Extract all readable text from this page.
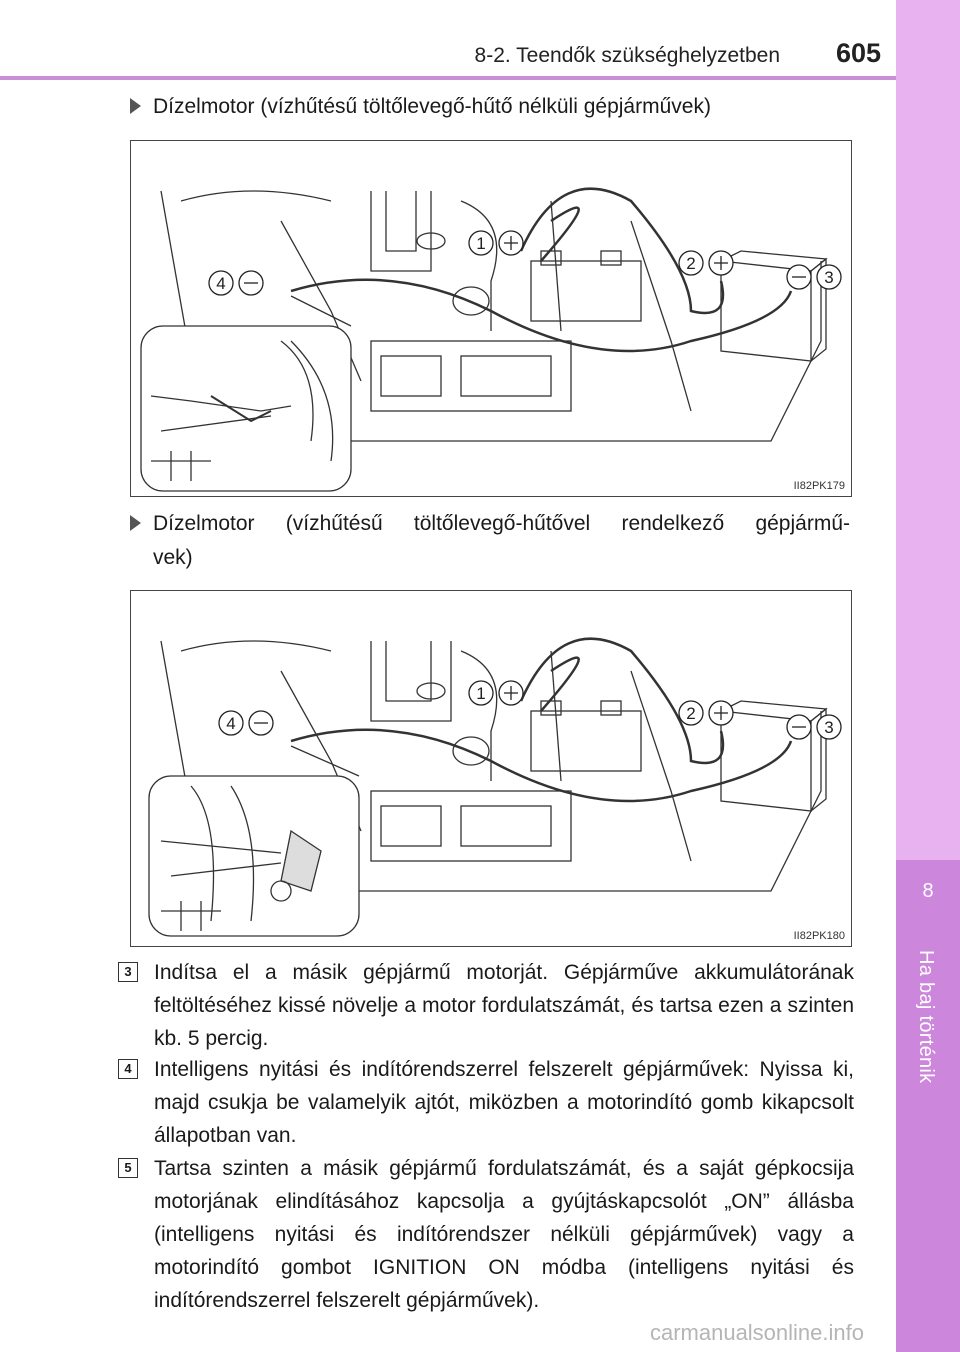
8-2. Teendők szükséghelyzetben 605
8
Ha baj történik
Dízelmotor (vízhűtésű töltőlevegő-hűtő nélküli gépjárművek)
1
2
3
4
II82PK179
Dízelmotor (vízhűtésű töltőlevegő-hűtővel rendelkező gépjármű-
vek)
1
2
3
4
II82PK180
3	Indítsa el a másik gépjármű motorját. Gépjárműve akkumulátorának feltöltéséhez kissé növelje a motor fordulatszámát, és tartsa ezen a szinten kb. 5 percig.
4	Intelligens nyitási és indítórendszerrel felszerelt gépjárművek: Nyissa ki, majd csukja be valamelyik ajtót, miközben a motorindító gomb kikapcsolt állapotban van.
5	Tartsa szinten a másik gépjármű fordulatszámát, és a saját gépkocsija motorjának elindításához kapcsolja a gyújtáskapcsolót „ON” állásba (intelligens nyitási és indítórendszer nélküli gépjárművek) vagy a motorindító gombot IGNITION ON módba (intelligens nyitási és indítórendszerrel felszerelt gépjárművek).
carmanualsonline.info
